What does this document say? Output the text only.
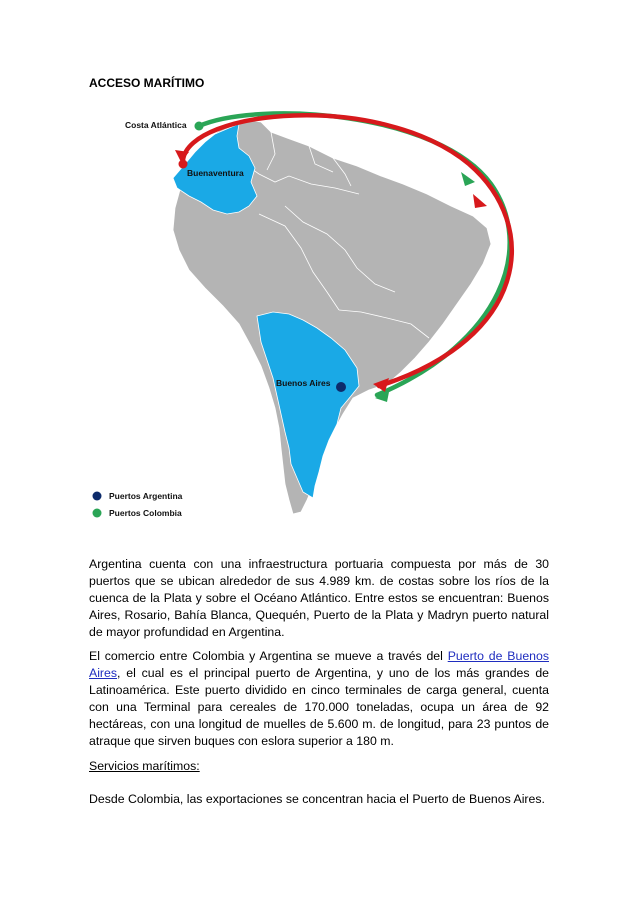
ACCESO MARÍTIMO
Costa Atlántica
Buenaventura
Buenos Aires
Puertos Argentina
Puertos Colombia

Argentina cuenta con una infraestructura portuaria compuesta por más de 30 puertos que se ubican alrededor de sus 4.989 km. de costas sobre los ríos de la cuenca de la Plata y sobre el Océano Atlántico. Entre estos se encuentran: Buenos Aires, Rosario, Bahía Blanca, Quequén, Puerto de la Plata y Madryn puerto natural de mayor profundidad en Argentina.

El comercio entre Colombia y Argentina se mueve a través del Puerto de Buenos Aires, el cual es el principal puerto de Argentina, y uno de los más grandes de Latinoamérica. Este puerto dividido en cinco terminales de carga general, cuenta con una Terminal para cereales de 170.000 toneladas, ocupa un área de 92 hectáreas, con una longitud de muelles de 5.600 m. de longitud, para 23 puntos de atraque que sirven buques con eslora superior a 180 m.

Servicios marítimos:

Desde Colombia, las exportaciones se concentran hacia el Puerto de Buenos Aires.
